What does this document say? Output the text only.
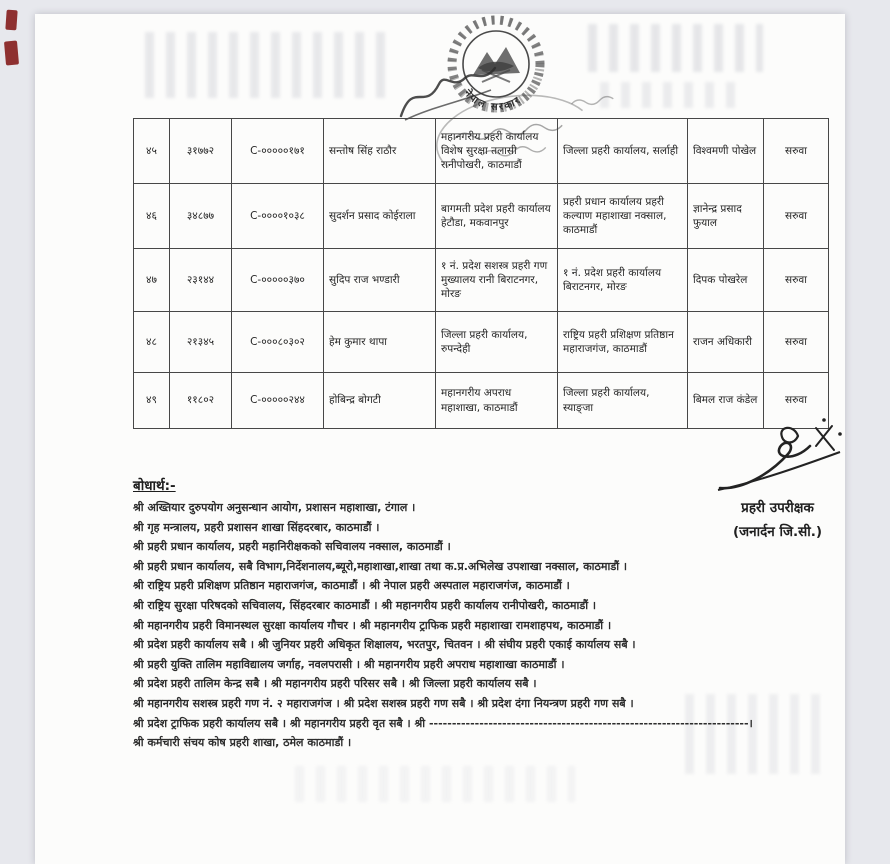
नेपाल सरकार
४५	३१७७२	C-०००००१७१	सन्तोष सिंह राठौर	महानगरीय प्रहरी कार्यालय विशेष सुरक्षा तलासी रानीपोखरी, काठमाडौं	जिल्ला प्रहरी कार्यालय, सर्लाही	विश्वमणी पोखेल	सरुवा
४६	३४८७७	C-००००१०३८	सुदर्शन प्रसाद कोईराला	बागमती प्रदेश प्रहरी कार्यालय हेटौडा, मकवानपुर	प्रहरी प्रधान कार्यालय प्रहरी कल्याण महाशाखा नक्साल, काठमाडौं	ज्ञानेन्द्र प्रसाद फुयाल	सरुवा
४७	२३१४४	C-०००००३७०	सुदिप राज भण्डारी	१ नं. प्रदेश सशस्त्र प्रहरी गण मुख्यालय रानी बिराटनगर, मोरङ	१ नं. प्रदेश प्रहरी कार्यालय बिराटनगर, मोरङ	दिपक पोखरेल	सरुवा
४८	२१३४५	C-०००८०३०२	हेम कुमार थापा	जिल्ला प्रहरी कार्यालय, रुपन्देही	राष्ट्रिय प्रहरी प्रशिक्षण प्रतिष्ठान महाराजगंज, काठमाडौं	राजन अधिकारी	सरुवा
४९	११८०२	C-०००००२४४	होबिन्द्र बोगटी	महानगरीय अपराध महाशाखा, काठमाडौं	जिल्ला प्रहरी कार्यालय, स्याङ्जा	बिमल राज कंडेल	सरुवा
प्रहरी उपरीक्षक
(जनार्दन जि.सी.)
बोधार्थ:-
श्री अख्तियार दुरुपयोग अनुसन्धान आयोग, प्रशासन महाशाखा, टंगाल ।
श्री गृह मन्त्रालय, प्रहरी प्रशासन शाखा सिंहदरबार, काठमाडौं ।
श्री प्रहरी प्रधान कार्यालय, प्रहरी महानिरीक्षकको सचिवालय नक्साल, काठमाडौं ।
श्री प्रहरी प्रधान कार्यालय, सबै विभाग,निर्देशनालय,ब्यूरो,महाशाखा,शाखा तथा क.प्र.अभिलेख उपशाखा नक्साल, काठमाडौं ।
श्री राष्ट्रिय प्रहरी प्रशिक्षण प्रतिष्ठान महाराजगंज, काठमाडौं । श्री नेपाल प्रहरी अस्पताल महाराजगंज, काठमाडौं ।
श्री राष्ट्रिय सुरक्षा परिषदको सचिवालय, सिंहदरबार काठमाडौं । श्री महानगरीय प्रहरी कार्यालय रानीपोखरी, काठमाडौं ।
श्री महानगरीय प्रहरी विमानस्थल सुरक्षा कार्यालय गौचर । श्री महानगरीय ट्राफिक प्रहरी महाशाखा रामशाहपथ, काठमाडौं ।
श्री प्रदेश प्रहरी कार्यालय सबै । श्री जुनियर प्रहरी अधिकृत शिक्षालय, भरतपुर, चितवन । श्री संघीय प्रहरी एकाई कार्यालय सबै ।
श्री प्रहरी युक्ति तालिम महाविद्यालय जर्गाह, नवलपरासी । श्री महानगरीय प्रहरी अपराध महाशाखा काठमाडौं ।
श्री प्रदेश प्रहरी तालिम केन्द्र सबै । श्री महानगरीय प्रहरी परिसर सबै । श्री जिल्ला प्रहरी कार्यालय सबै ।
श्री महानगरीय सशस्त्र प्रहरी गण नं. २ महाराजगंज । श्री प्रदेश सशस्त्र प्रहरी गण सबै । श्री प्रदेश दंगा नियन्त्रण प्रहरी गण सबै ।
श्री प्रदेश ट्राफिक प्रहरी कार्यालय सबै । श्री महानगरीय प्रहरी वृत सबै । श्री ----------------------------------------------------------------------।
श्री कर्मचारी संचय कोष प्रहरी शाखा, ठमेल काठमाडौं ।
